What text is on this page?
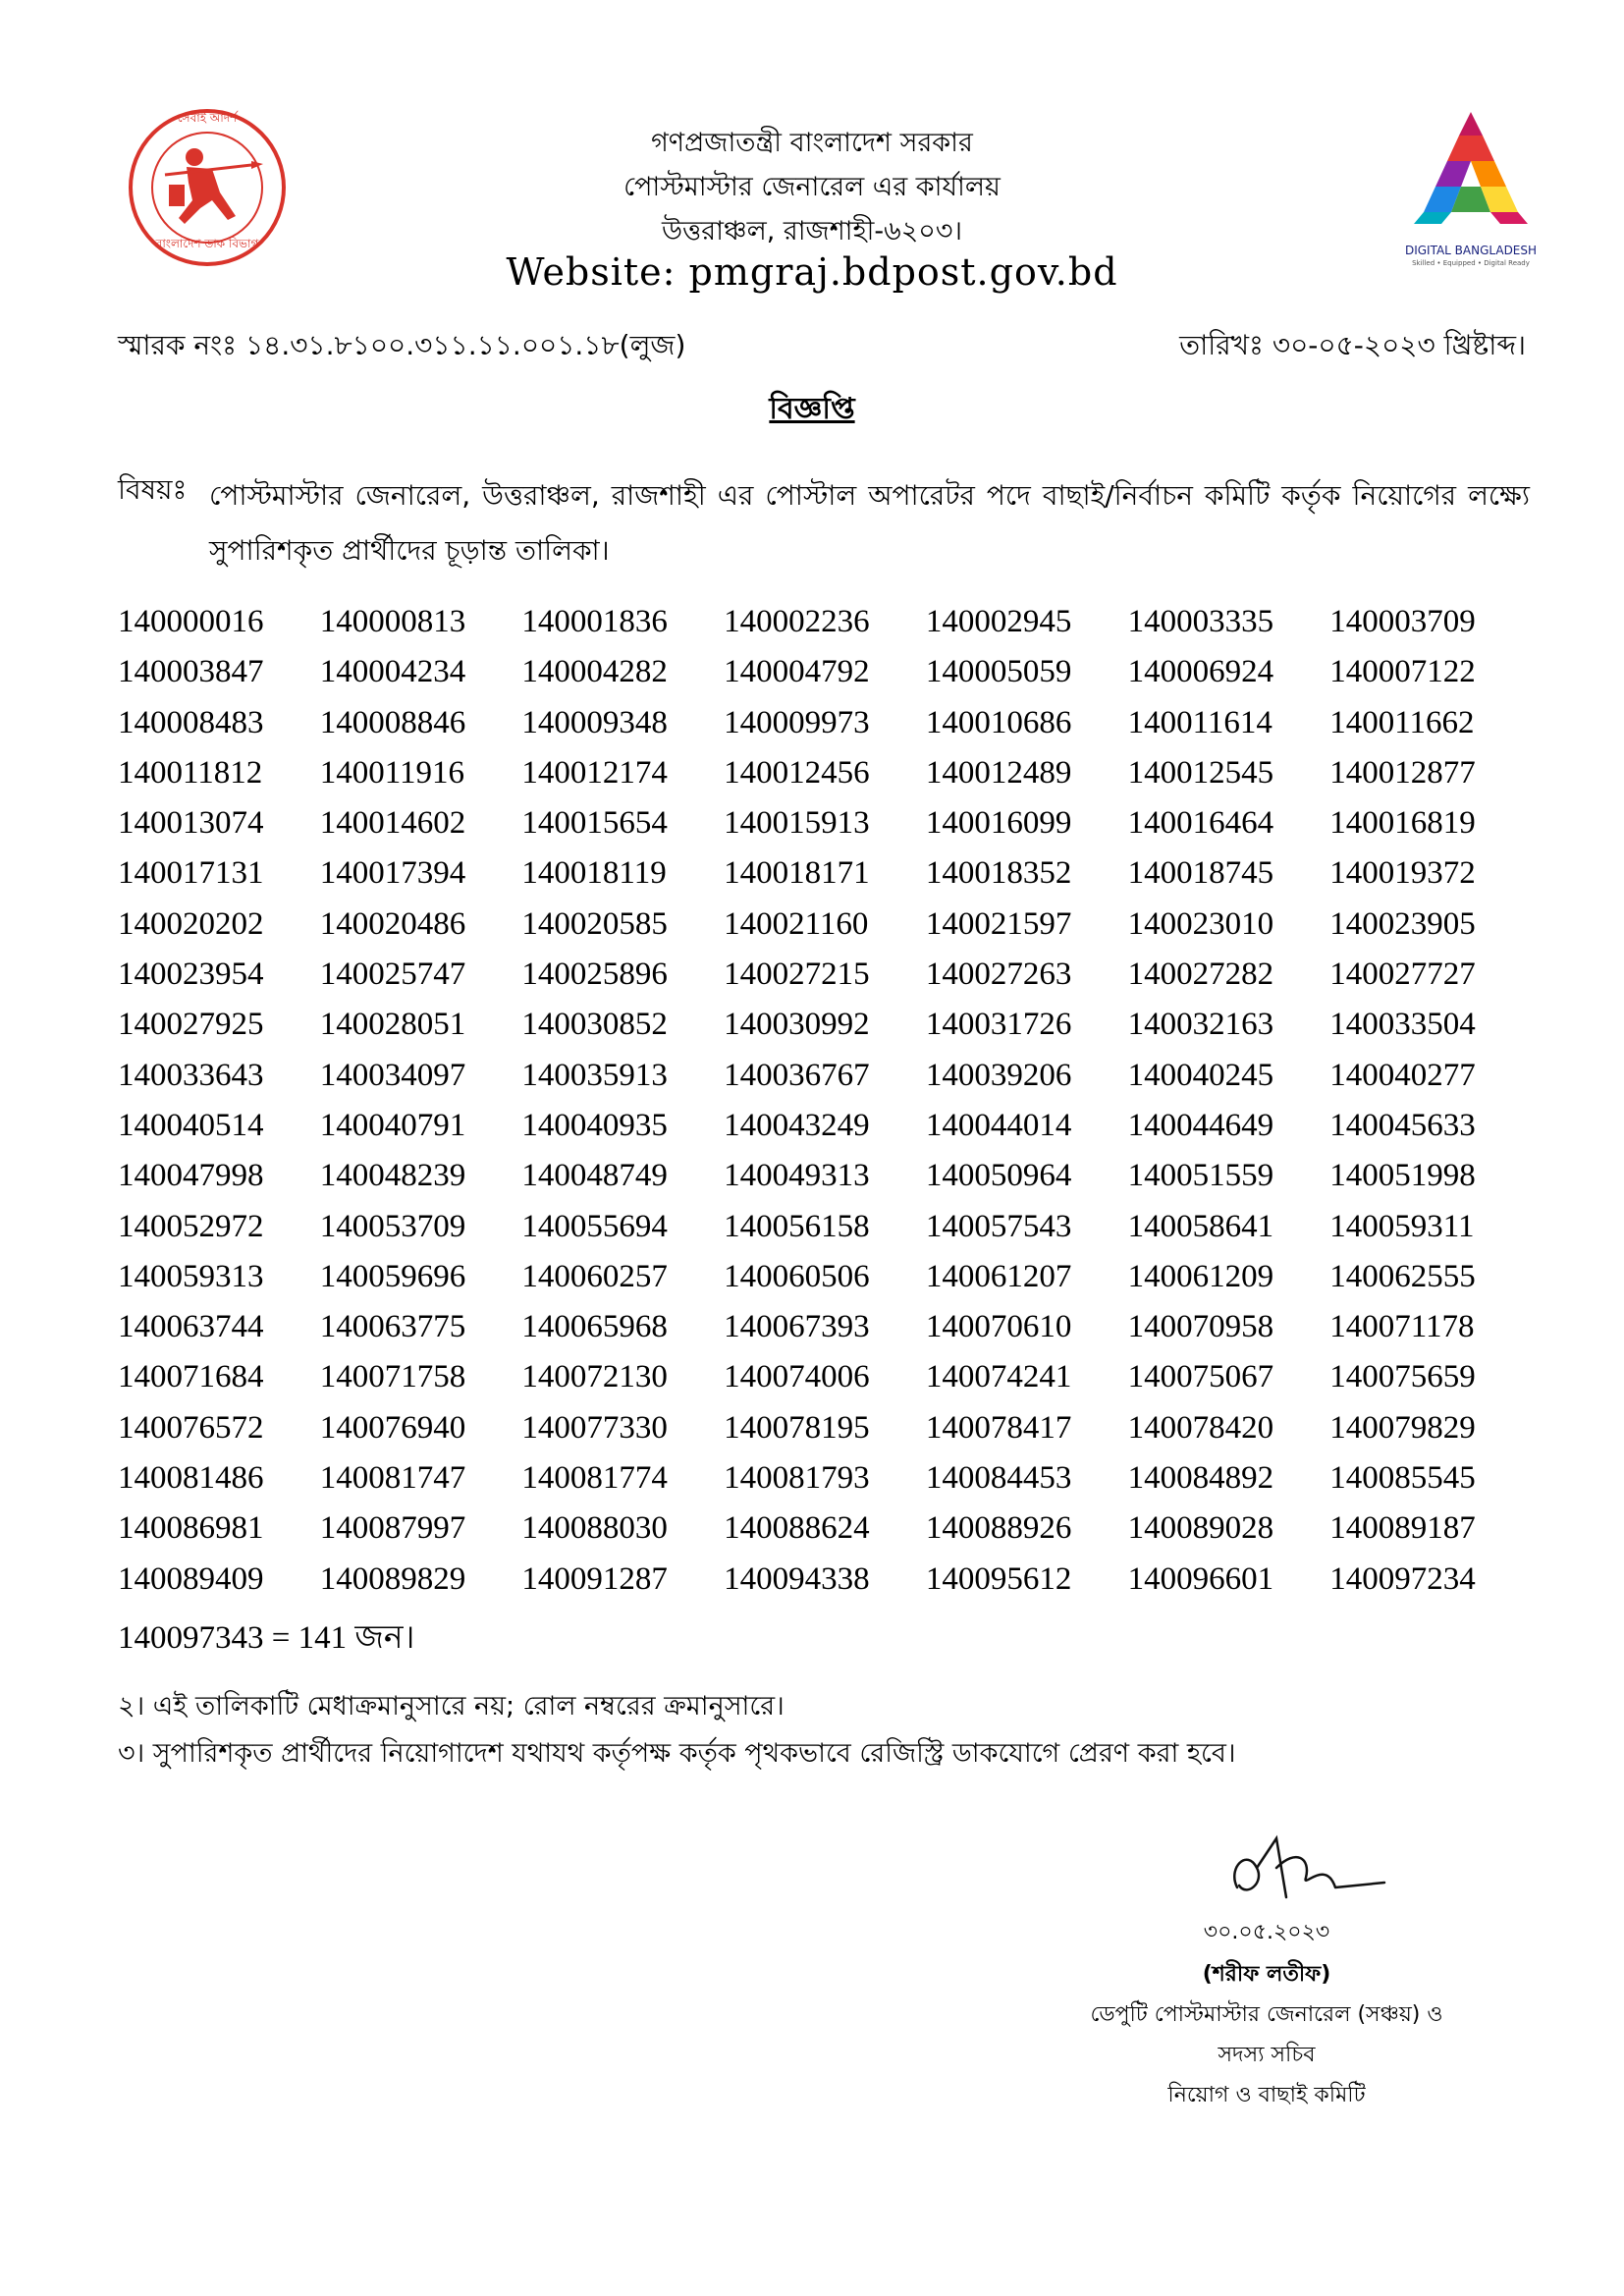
সেবাই আদর্শ
বাংলাদেশ ডাক বিভাগ	DIGITAL BANGLADESH
Skilled • Equipped • Digital Ready
গণপ্রজাতন্ত্রী বাংলাদেশ সরকার
পোস্টমাস্টার জেনারেল এর কার্যালয়
উত্তরাঞ্চল, রাজশাহী-৬২০৩।
Website: pmgraj.bdpost.gov.bd
স্মারক নংঃ ১৪.৩১.৮১০০.৩১১.১১.০০১.১৮(লুজ)	তারিখঃ ৩০-০৫-২০২৩ খ্রিষ্টাব্দ।
বিজ্ঞপ্তি
বিষয়ঃ পোস্টমাস্টার জেনারেল, উত্তরাঞ্চল, রাজশাহী এর পোস্টাল অপারেটর পদে বাছাই/নির্বাচন কমিটি কর্তৃক নিয়োগের লক্ষ্যে সুপারিশকৃত প্রার্থীদের চূড়ান্ত তালিকা।
140000016	140000813	140001836	140002236	140002945	140003335	140003709
140003847	140004234	140004282	140004792	140005059	140006924	140007122
140008483	140008846	140009348	140009973	140010686	140011614	140011662
140011812	140011916	140012174	140012456	140012489	140012545	140012877
140013074	140014602	140015654	140015913	140016099	140016464	140016819
140017131	140017394	140018119	140018171	140018352	140018745	140019372
140020202	140020486	140020585	140021160	140021597	140023010	140023905
140023954	140025747	140025896	140027215	140027263	140027282	140027727
140027925	140028051	140030852	140030992	140031726	140032163	140033504
140033643	140034097	140035913	140036767	140039206	140040245	140040277
140040514	140040791	140040935	140043249	140044014	140044649	140045633
140047998	140048239	140048749	140049313	140050964	140051559	140051998
140052972	140053709	140055694	140056158	140057543	140058641	140059311
140059313	140059696	140060257	140060506	140061207	140061209	140062555
140063744	140063775	140065968	140067393	140070610	140070958	140071178
140071684	140071758	140072130	140074006	140074241	140075067	140075659
140076572	140076940	140077330	140078195	140078417	140078420	140079829
140081486	140081747	140081774	140081793	140084453	140084892	140085545
140086981	140087997	140088030	140088624	140088926	140089028	140089187
140089409	140089829	140091287	140094338	140095612	140096601	140097234
140097343 = 141 জন।
২। এই তালিকাটি মেধাক্রমানুসারে নয়; রোল নম্বরের ক্রমানুসারে।
৩। সুপারিশকৃত প্রার্থীদের নিয়োগাদেশ যথাযথ কর্তৃপক্ষ কর্তৃক পৃথকভাবে রেজিস্ট্রি ডাকযোগে প্রেরণ করা হবে।
৩০.০৫.২০২৩
(শরীফ লতীফ)
ডেপুটি পোস্টমাস্টার জেনারেল (সঞ্চয়) ও
সদস্য সচিব
নিয়োগ ও বাছাই কমিটি
